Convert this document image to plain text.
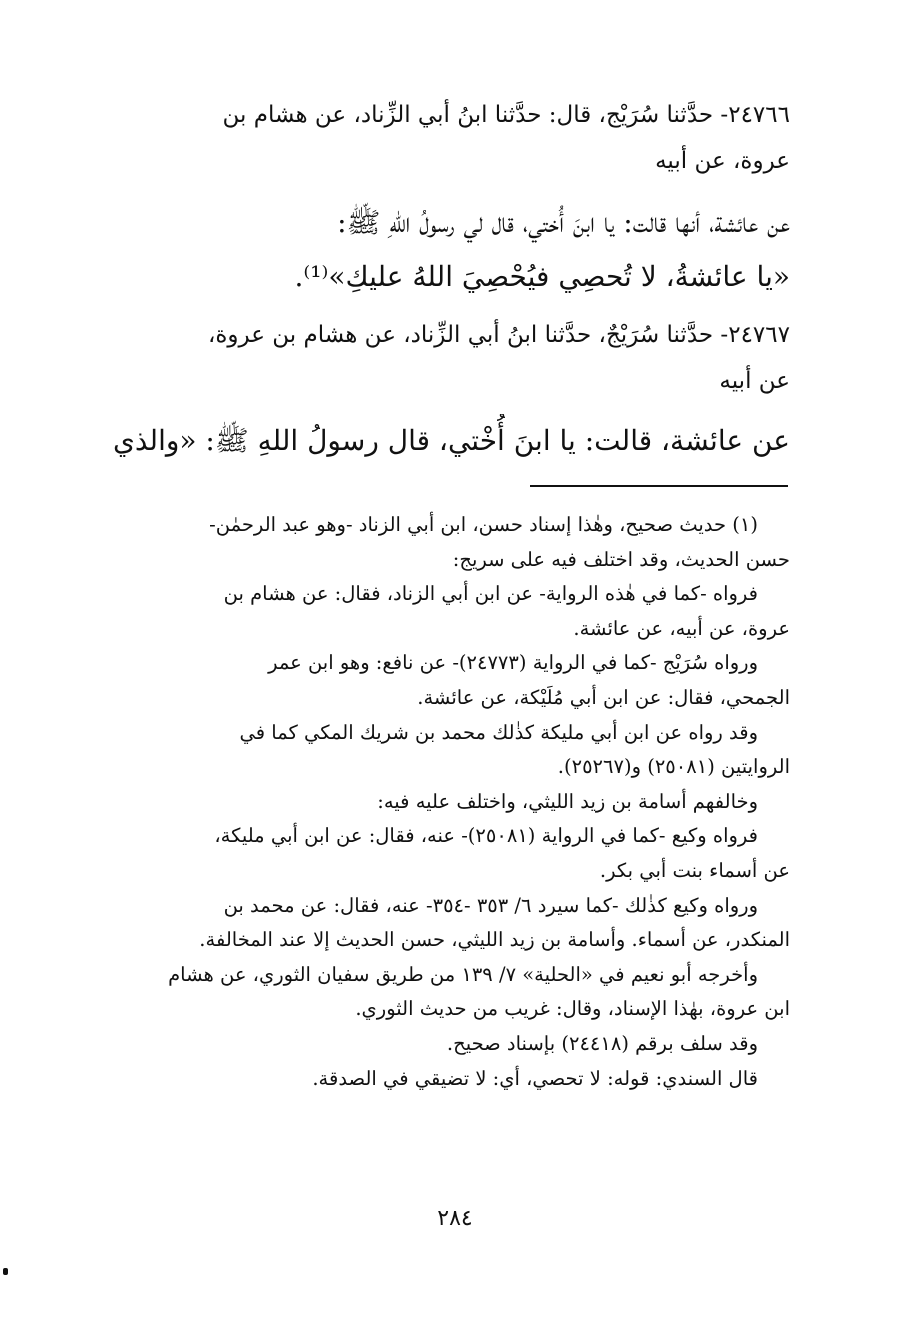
٢٤٧٦٦- حدَّثنا سُرَيْج، قال: حدَّثنا ابنُ أبي الزِّناد، عن هشام بن
عروة، عن أبيه
عن عائشة، أنها قالت: يا ابنَ أُختي، قال لي رسولُ اللهِ ﷺ:
«يا عائشةُ، لا تُحصِي فيُحْصِيَ اللهُ عليكِ»⁽¹⁾.
٢٤٧٦٧- حدَّثنا سُرَيْجٌ، حدَّثنا ابنُ أبي الزِّناد، عن هشام بن عروة،
عن أبيه
عن عائشة، قالت: يا ابنَ أُخْتي، قال رسولُ اللهِ ﷺ: «والذي
(١) حديث صحيح، وهٰذا إسناد حسن، ابن أبي الزناد -وهو عبد الرحمٰن-
حسن الحديث، وقد اختلف فيه على سريج:
فرواه -كما في هٰذه الرواية- عن ابن أبي الزناد، فقال: عن هشام بن
عروة، عن أبيه، عن عائشة.
ورواه سُرَيْج -كما في الرواية (٢٤٧٧٣)- عن نافع: وهو ابن عمر
الجمحي، فقال: عن ابن أبي مُلَيْكة، عن عائشة.
وقد رواه عن ابن أبي مليكة كذٰلك محمد بن شريك المكي كما في
الروايتين (٢٥٠٨١) و(٢٥٢٦٧).
وخالفهم أسامة بن زيد الليثي، واختلف عليه فيه:
فرواه وكيع -كما في الرواية (٢٥٠٨١)- عنه، فقال: عن ابن أبي مليكة،
عن أسماء بنت أبي بكر.
ورواه وكيع كذٰلك -كما سيرد ٦/ ٣٥٣ -٣٥٤- عنه، فقال: عن محمد بن
المنكدر، عن أسماء. وأسامة بن زيد الليثي، حسن الحديث إلا عند المخالفة.
وأخرجه أبو نعيم في «الحلية» ٧/ ١٣٩ من طريق سفيان الثوري، عن هشام
ابن عروة، بهٰذا الإسناد، وقال: غريب من حديث الثوري.
وقد سلف برقم (٢٤٤١٨) بإسناد صحيح.
قال السندي: قوله: لا تحصي، أي: لا تضيقي في الصدقة.
٢٨٤
